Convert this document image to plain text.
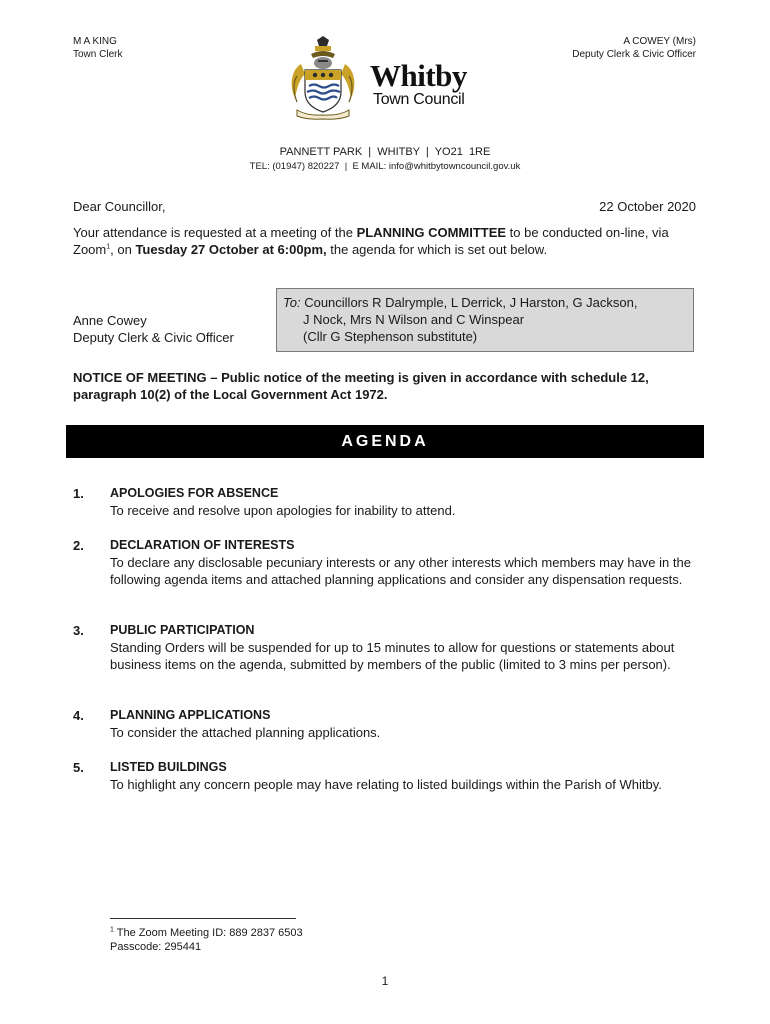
M A KING
Town Clerk
A COWEY (Mrs)
Deputy Clerk & Civic Officer
Whitby
Town Council
PANNETT PARK  |  WHITBY  |  YO21  1RE
TEL: (01947) 820227  |  E MAIL: info@whitbytowncouncil.gov.uk
Dear Councillor,	22 October 2020
Your attendance is requested at a meeting of the PLANNING COMMITTEE to be conducted on-line, via Zoom$^1$, on Tuesday 27 October at 6:00pm, the agenda for which is set out below.
Anne Cowey
Deputy Clerk & Civic Officer
To: Councillors R Dalrymple, L Derrick, J Harston, G Jackson,
J Nock, Mrs N Wilson and C Winspear
(Cllr G Stephenson substitute)
NOTICE OF MEETING – Public notice of the meeting is given in accordance with schedule 12, paragraph 10(2) of the Local Government Act 1972.
AGENDA
1. APOLOGIES FOR ABSENCE
To receive and resolve upon apologies for inability to attend.
2. DECLARATION OF INTERESTS
To declare any disclosable pecuniary interests or any other interests which members may have in the following agenda items and attached planning applications and consider any dispensation requests.
3. PUBLIC PARTICIPATION
Standing Orders will be suspended for up to 15 minutes to allow for questions or statements about business items on the agenda, submitted by members of the public (limited to 3 mins per person).
4. PLANNING APPLICATIONS
To consider the attached planning applications.
5. LISTED BUILDINGS
To highlight any concern people may have relating to listed buildings within the Parish of Whitby.
$^1$ The Zoom Meeting ID: 889 2837 6503
Passcode: 295441
1
